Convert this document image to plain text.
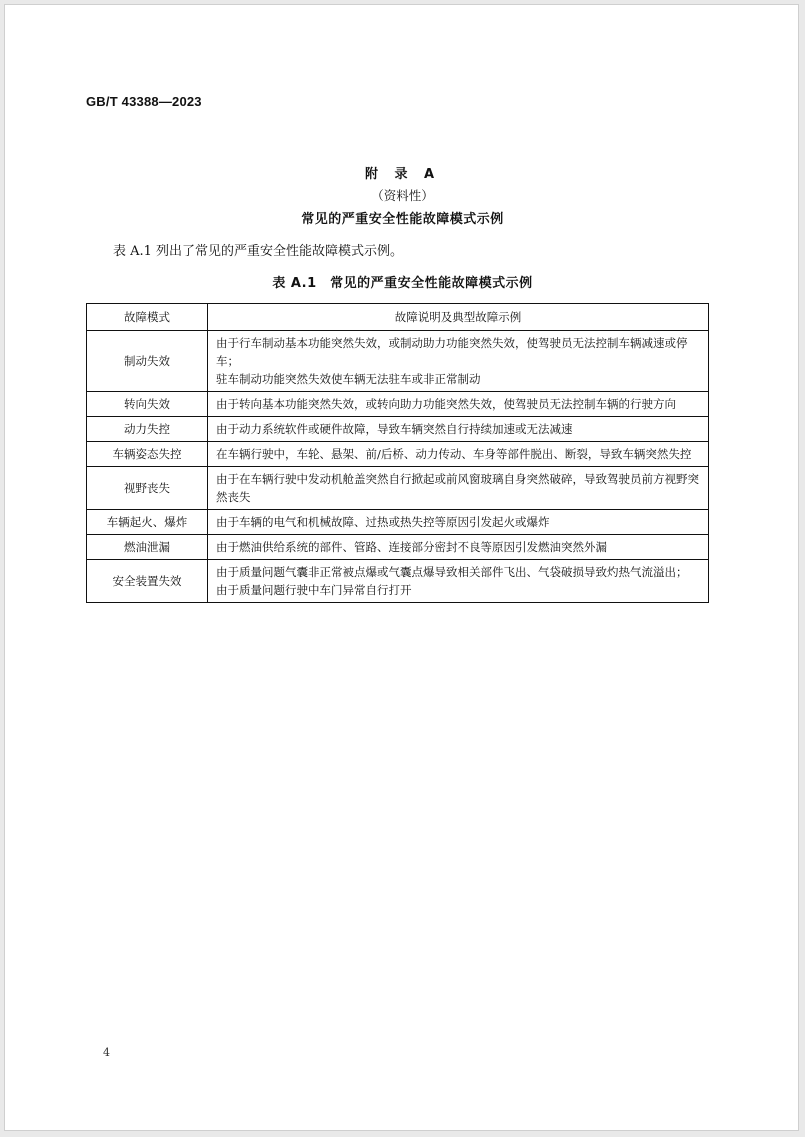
GB/T 43388—2023
附 录 A
（资料性）
常见的严重安全性能故障模式示例
表 A.1 列出了常见的严重安全性能故障模式示例。
表 A.1　常见的严重安全性能故障模式示例
故障模式	故障说明及典型故障示例
制动失效	由于行车制动基本功能突然失效，或制动助力功能突然失效，使驾驶员无法控制车辆减速或停车；
驻车制动功能突然失效使车辆无法驻车或非正常制动

转向失效	由于转向基本功能突然失效，或转向助力功能突然失效，使驾驶员无法控制车辆的行驶方向

动力失控	由于动力系统软件或硬件故障，导致车辆突然自行持续加速或无法减速

车辆姿态失控	在车辆行驶中，车轮、悬架、前/后桥、动力传动、车身等部件脱出、断裂，导致车辆突然失控

视野丧失	由于在车辆行驶中发动机舱盖突然自行掀起或前风窗玻璃自身突然破碎，导致驾驶员前方视野突然丧失

车辆起火、爆炸	由于车辆的电气和机械故障、过热或热失控等原因引发起火或爆炸

燃油泄漏	由于燃油供给系统的部件、管路、连接部分密封不良等原因引发燃油突然外漏

安全装置失效	由于质量问题气囊非正常被点爆或气囊点爆导致相关部件飞出、气袋破损导致灼热气流溢出；
由于质量问题行驶中车门异常自行打开
4
